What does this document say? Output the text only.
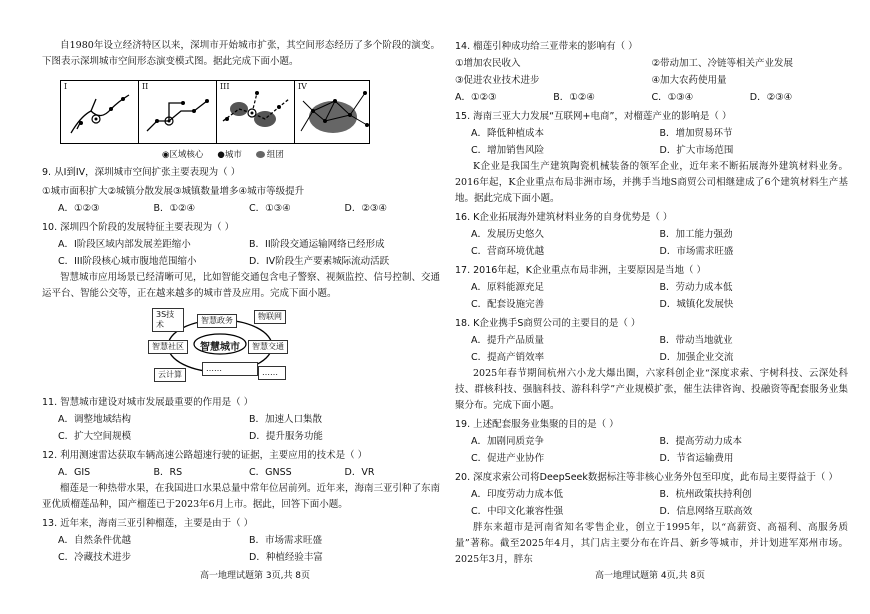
自1980年设立经济特区以来，深圳市开始城市扩张，其空间形态经历了多个阶段的演变。下图表示深圳城市空间形态演变模式图。据此完成下面小题。

I	II	III	IV
◉区域核心 ●城市	组团
9. 从I到IV，深圳城市空间扩张主要表现为（ ）
①城市面积扩大②城镇分散发展③城镇数量增多④城市等级提升
A．①②③	B．①②④	C．①③④	D．②③④
10. 深圳四个阶段的发展特征主要表现为（ ）
A．I阶段区域内部发展差距缩小	B．II阶段交通运输网络已经形成
C．III阶段核心城市腹地范围缩小	D．IV阶段生产要素城际流动活跃

智慧城市应用场景已经清晰可见，比如智能交通包含电子警察、视频监控、信号控制、交通运平台、智能公交等，正在越来越多的城市普及应用。完成下面小题。

3S技术	智慧政务	物联网
智慧社区	智慧城市	智慧交通
云计算
……	……
11. 智慧城市建设对城市发展最重要的作用是（ ）
A．调整地域结构	B．加速人口集散
C．扩大空间规模	D．提升服务功能
12. 利用测速雷达获取车辆高速公路超速行驶的证据，主要应用的技术是（ ）
A．GIS	B．RS	C．GNSS	D．VR

榴莲是一种热带水果，在我国进口水果总量中常年位居前列。近年来，海南三亚引种了东南亚优质榴莲品种，国产榴莲已于2023年6月上市。据此，回答下面小题。

13. 近年来，海南三亚引种榴莲，主要是由于（ ）
A．自然条件优越	B．市场需求旺盛
C．冷藏技术进步	D．种植经验丰富
高一地理试题第 3页,共 8页
14. 榴莲引种成功给三亚带来的影响有（ ）
①增加农民收入	②带动加工、冷链等相关产业发展
③促进农业技术进步	④加大农药使用量
A．①②③	B．①②④	C．①③④	D．②③④
15. 海南三亚大力发展“互联网+电商”，对榴莲产业的影响是（ ）
A．降低种植成本	B．增加贸易环节
C．增加销售风险	D．扩大市场范围

K企业是我国生产建筑陶瓷机械装备的领军企业，近年来不断拓展海外建筑材料业务。2016年起，K企业重点布局非洲市场，并携手当地S商贸公司相继建成了6个建筑材料生产基地。据此完成下面小题。

16. K企业拓展海外建筑材料业务的自身优势是（ ）
A．发展历史悠久	B．加工能力强劲
C．营商环境优越	D．市场需求旺盛
17. 2016年起，K企业重点布局非洲，主要原因是当地（ ）
A．原料能源充足	B．劳动力成本低
C．配套设施完善	D．城镇化发展快
18. K企业携手S商贸公司的主要目的是（ ）
A．提升产品质量	B．带动当地就业
C．提高产销效率	D．加强企业交流

2025年春节期间杭州六小龙大爆出圈，六家科创企业“深度求索、宇树科技、云深处科技、群核科技、强脑科技、游科科学”产业规模扩张，催生法律咨询、投融资等配套服务业集聚分布。完成下面小题。

19. 上述配套服务业集聚的目的是（ ）
A．加剧同质竞争	B．提高劳动力成本
C．促进产业协作	D．节省运输费用
20. 深度求索公司将DeepSeek数据标注等非核心业务外包至印度，此布局主要得益于（ ）
A．印度劳动力成本低	B．杭州政策扶持利创
C．中印文化兼容性强	D．信息网络互联高效

胖东来超市是河南省知名零售企业，创立于1995年，以“高薪资、高福利、高服务质量”著称。截至2025年4月，其门店主要分布在许昌、新乡等城市，并计划进军郑州市场。2025年3月，胖东

高一地理试题第 4页,共 8页
